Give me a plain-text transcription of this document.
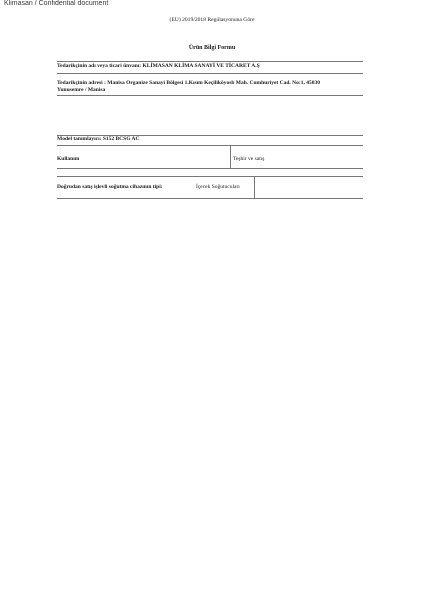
Klimasan / Confidential document
(EU) 2019/2018 Regülasyonuna Göre
Ürün Bilgi Formu
Tedarikçinin adı veya ticari ünvanı: KLİMASAN KLİMA SANAYİ VE TİCARET A.Ş
Tedarikçinin adresi : Manisa Organize Sanayi Bölgesi 1.Kısım Keçiliköyosb Mah. Cumhuriyet Cad. No:1, 45030
Yunusemre / Manisa
Model tanımlayıcı: S152 BCSG AC
Kullanım	Teşhir ve satış
Doğrudan satış işlevli soğutma cihazının tipi:	İçecek Soğutucuları
